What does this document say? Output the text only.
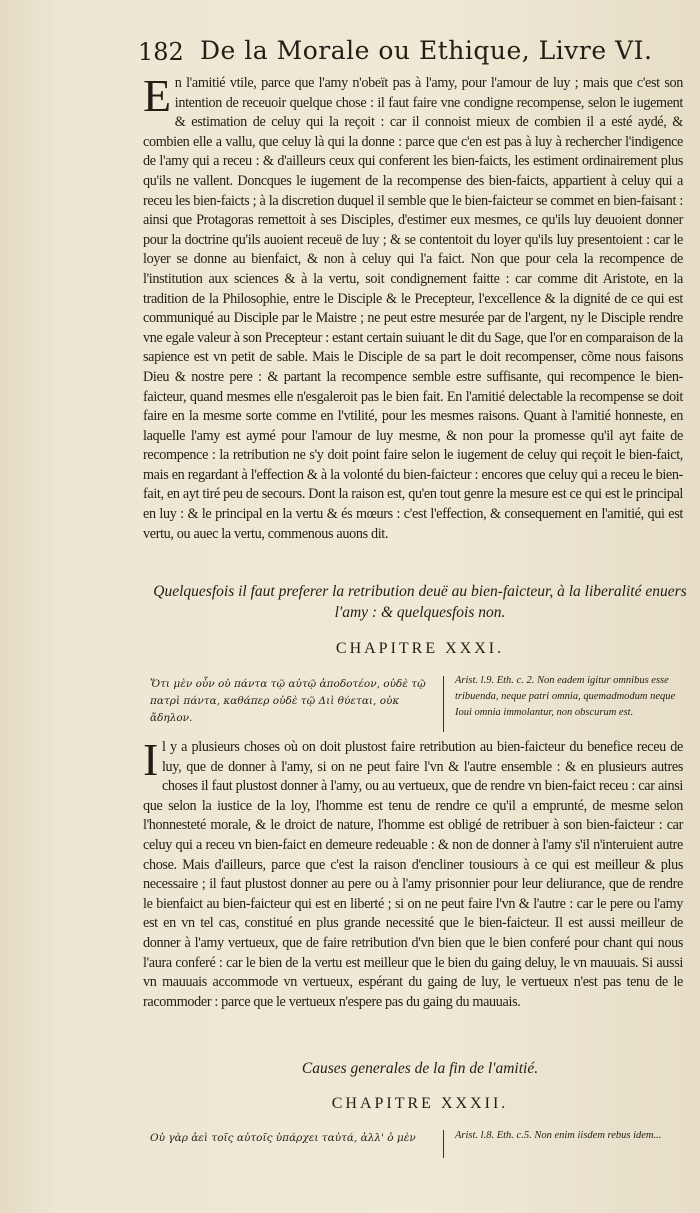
182 De la Morale ou Ethique, Livre VI.

En l'amitié vtile, parce que l'amy n'obeït pas à l'amy, pour l'amour de luy ; mais que c'est son intention de receuoir quelque chose : il faut faire vne condigne recompense, selon le iugement & estimation de celuy qui la reçoit : car il connoist mieux de combien il a esté aydé, & combien elle a vallu, que celuy là qui la donne : parce que c'en est pas à luy à rechercher l'indigence de l'amy qui a receu : & d'ailleurs ceux qui conferent les bien-faicts, les estiment ordinairement plus qu'ils ne vallent. Doncques le iugement de la recompense des bien-faicts, appartient à celuy qui a receu les bien-faicts ; à la discretion duquel il semble que le bien-faicteur se commet en bien-faisant : ainsi que Protagoras remettoit à ses Disciples, d'estimer eux mesmes, ce qu'ils luy deuoient donner pour la doctrine qu'ils auoient receuë de luy ; & se contentoit du loyer qu'ils luy presentoient : car le loyer se donne au bienfaict, & non à celuy qui l'a faict. Non que pour cela la recompence de l'institution aux sciences & à la vertu, soit condignement faitte : car comme dit Aristote, en la tradition de la Philosophie, entre le Disciple & le Precepteur, l'excellence & la dignité de ce qui est communiqué au Disciple par le Maistre ; ne peut estre mesurée par de l'argent, ny le Disciple rendre vne egale valeur à son Precepteur : estant certain suiuant le dit du Sage, que l'or en comparaison de la sapience est vn petit de sable. Mais le Disciple de sa part le doit recompenser, cõme nous faisons Dieu & nostre pere : & partant la recompence semble estre suffisante, qui recompence le bien-faicteur, quand mesmes elle n'esgaleroit pas le bien fait. En l'amitié delectable la recompense se doit faire en la mesme sorte comme en l'vtilité, pour les mesmes raisons. Quant à l'amitié honneste, en laquelle l'amy est aymé pour l'amour de luy mesme, & non pour la promesse qu'il ayt faite de recompence : la retribution ne s'y doit point faire selon le iugement de celuy qui reçoit le bien-faict, mais en regardant à l'effection & à la volonté du bien-faicteur : encores que celuy qui a receu le bien-fait, en ayt tiré peu de secours. Dont la raison est, qu'en tout genre la mesure est ce qui est le principal en luy : & le principal en la vertu & és mœurs : c'est l'effection, & consequement en l'amitié, qui est vertu, ou auec la vertu, commenous auons dit.

Quelquesfois il faut preferer la retribution deuë au bien-faicteur, à la liberalité enuers l'amy : & quelquesfois non.

CHAPITRE XXXI.

Ὅτι μὲν οὖν οὐ πάντα τῷ αὐτῷ ἀποδοτέον, οὐδὲ τῷ πατρὶ πάντα, καθάπερ οὐδὲ τῷ Διὶ θύεται, οὐκ ἄδηλον.

Arist. l.9. Eth. c. 2. Non eadem igitur omnibus esse tribuenda, neque patri omnia, quemadmodum neque Ioui omnia immolantur, non obscurum est.

Il y a plusieurs choses où on doit plustost faire retribution au bien-faicteur du benefice receu de luy, que de donner à l'amy, si on ne peut faire l'vn & l'autre ensemble : & en plusieurs autres choses il faut plustost donner à l'amy, ou au vertueux, que de rendre vn bien-faict receu : car ainsi que selon la iustice de la loy, l'homme est tenu de rendre ce qu'il a emprunté, de mesme selon l'honnesteté morale, & le droict de nature, l'homme est obligé de retribuer à son bien-faicteur : car celuy qui a receu vn bien-faict en demeure redeuable : & non de donner à l'amy s'il n'interuient autre chose. Mais d'ailleurs, parce que c'est la raison d'encliner tousiours à ce qui est meilleur & plus necessaire ; il faut plustost donner au pere ou à l'amy prisonnier pour leur deliurance, que de rendre le bienfaict au bien-faicteur qui est en liberté ; si on ne peut faire l'vn & l'autre : car le pere ou l'amy est en vn tel cas, constitué en plus grande necessité que le bien-faicteur. Il est aussi meilleur de donner à l'amy vertueux, que de faire retribution d'vn bien que le bien conferé pour chant qui nous l'aura conferé : car le bien de la vertu est meilleur que le bien du gaing deluy, le vn mauuais. Si aussi vn mauuais accommode vn vertueux, espérant du gaing de luy, le vertueux n'est pas tenu de le racommoder : parce que le vertueux n'espere pas du gaing du mauuais.

Causes generales de la fin de l'amitié.

CHAPITRE XXXII.

Οὐ γὰρ ἀεὶ τοῖς αὐτοῖς ὑπάρχει ταὐτά, ἀλλ' ὁ μὲν	Arist. l.8. Eth. c.5. Non enim iisdem rebus idem...
